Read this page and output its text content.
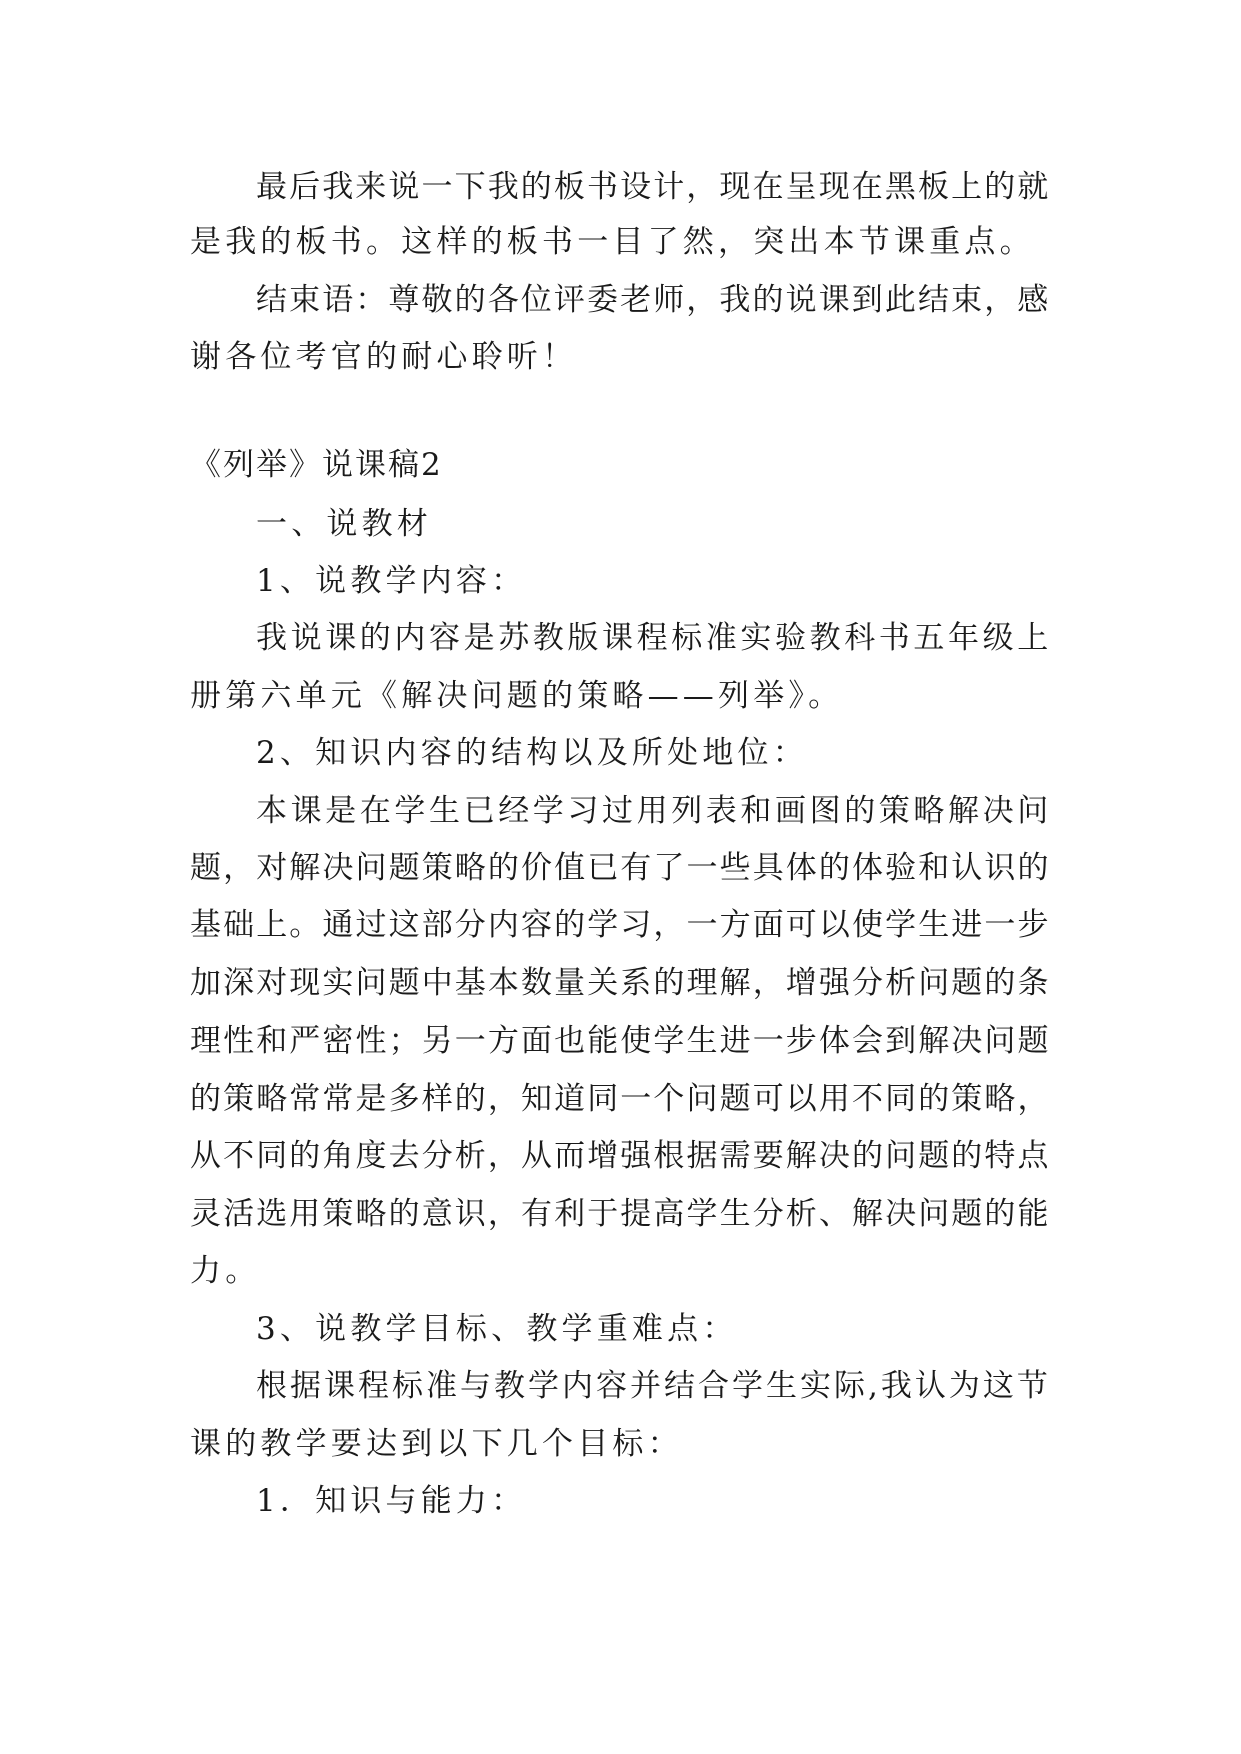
最后我来说一下我的板书设计，现在呈现在黑板上的就
是我的板书。这样的板书一目了然，突出本节课重点。
结束语：尊敬的各位评委老师，我的说课到此结束，感
谢各位考官的耐心聆听！
《列举》说课稿2
一、说教材
1、说教学内容：
我说课的内容是苏教版课程标准实验教科书五年级上
册第六单元《解决问题的策略——列举》。
2、知识内容的结构以及所处地位：
本课是在学生已经学习过用列表和画图的策略解决问
题，对解决问题策略的价值已有了一些具体的体验和认识的
基础上。通过这部分内容的学习，一方面可以使学生进一步
加深对现实问题中基本数量关系的理解，增强分析问题的条
理性和严密性；另一方面也能使学生进一步体会到解决问题
的策略常常是多样的，知道同一个问题可以用不同的策略，
从不同的角度去分析，从而增强根据需要解决的问题的特点
灵活选用策略的意识，有利于提高学生分析、解决问题的能
力。
3、说教学目标、教学重难点：
根据课程标准与教学内容并结合学生实际,我认为这节
课的教学要达到以下几个目标：
1．知识与能力：
